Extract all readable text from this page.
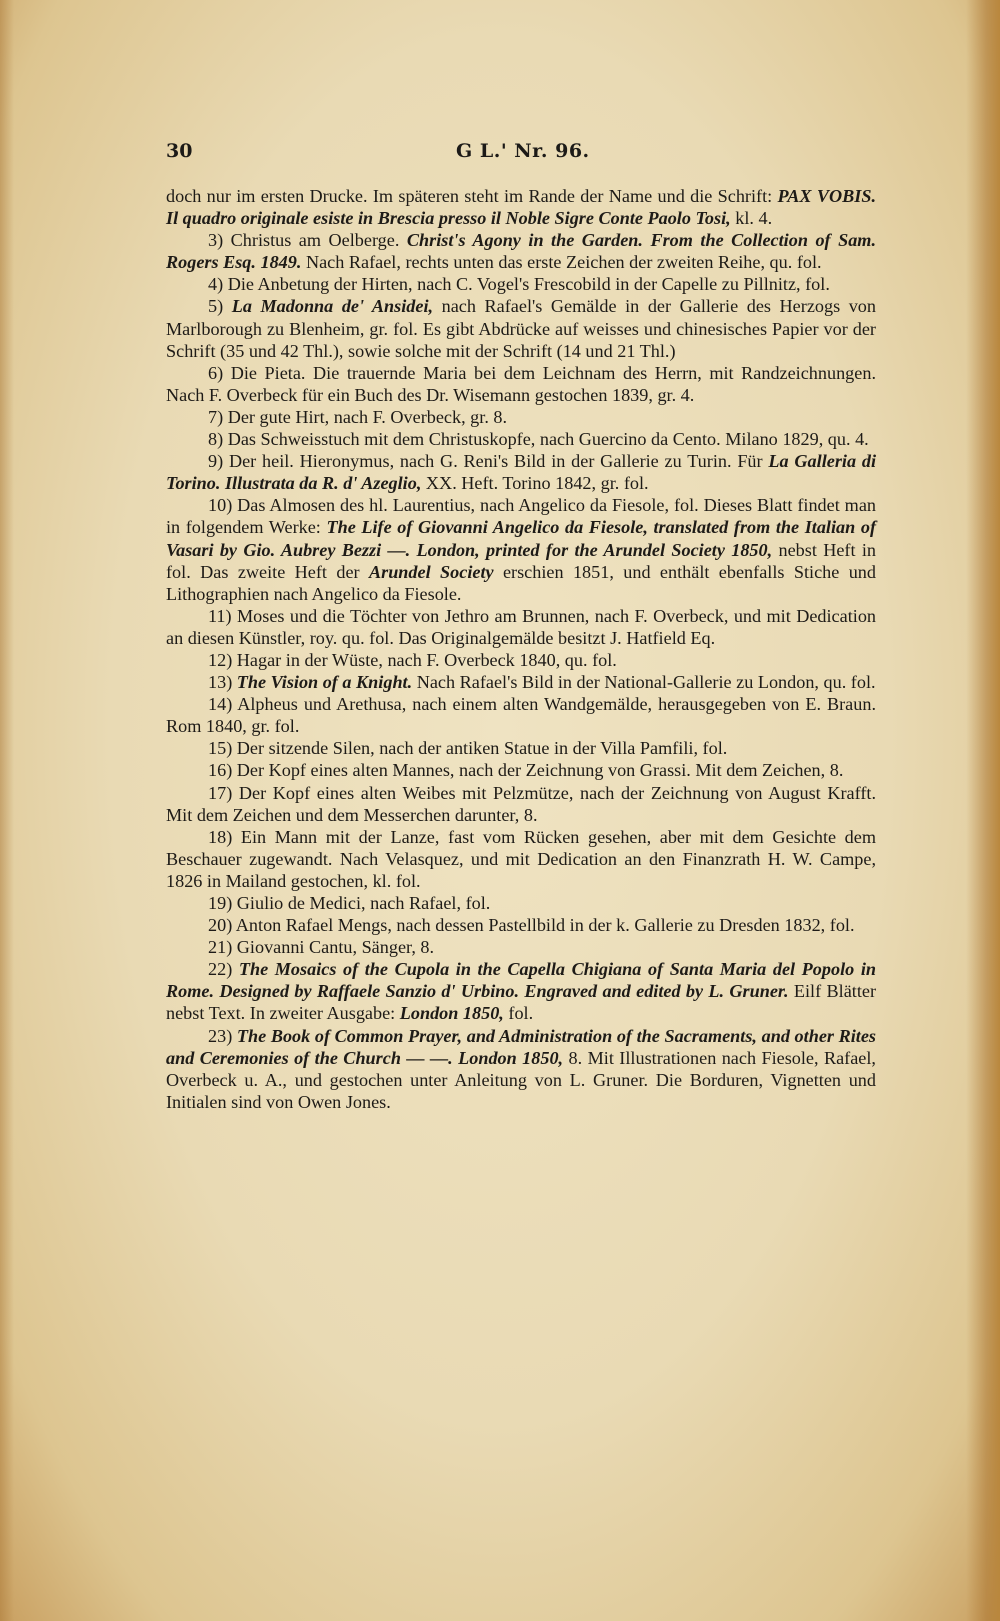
30	G L.' Nr. 96.

doch nur im ersten Drucke. Im späteren steht im Rande der Name und die Schrift: PAX VOBIS. Il quadro originale esiste in Brescia presso il Noble Sigre Conte Paolo Tosi, kl. 4.

3) Christus am Oelberge. Christ's Agony in the Garden. From the Collection of Sam. Rogers Esq. 1849. Nach Rafael, rechts unten das erste Zeichen der zweiten Reihe, qu. fol.

4) Die Anbetung der Hirten, nach C. Vogel's Frescobild in der Capelle zu Pillnitz, fol.

5) La Madonna de' Ansidei, nach Rafael's Gemälde in der Gallerie des Herzogs von Marlborough zu Blenheim, gr. fol. Es gibt Abdrücke auf weisses und chinesisches Papier vor der Schrift (35 und 42 Thl.), sowie solche mit der Schrift (14 und 21 Thl.)

6) Die Pieta. Die trauernde Maria bei dem Leichnam des Herrn, mit Randzeichnungen. Nach F. Overbeck für ein Buch des Dr. Wisemann gestochen 1839, gr. 4.

7) Der gute Hirt, nach F. Overbeck, gr. 8.

8) Das Schweisstuch mit dem Christuskopfe, nach Guercino da Cento. Milano 1829, qu. 4.

9) Der heil. Hieronymus, nach G. Reni's Bild in der Gallerie zu Turin. Für La Galleria di Torino. Illustrata da R. d' Azeglio, XX. Heft. Torino 1842, gr. fol.

10) Das Almosen des hl. Laurentius, nach Angelico da Fiesole, fol. Dieses Blatt findet man in folgendem Werke: The Life of Giovanni Angelico da Fiesole, translated from the Italian of Vasari by Gio. Aubrey Bezzi —. London, printed for the Arundel Society 1850, nebst Heft in fol. Das zweite Heft der Arundel Society erschien 1851, und enthält ebenfalls Stiche und Lithographien nach Angelico da Fiesole.

11) Moses und die Töchter von Jethro am Brunnen, nach F. Overbeck, und mit Dedication an diesen Künstler, roy. qu. fol. Das Originalgemälde besitzt J. Hatfield Eq.

12) Hagar in der Wüste, nach F. Overbeck 1840, qu. fol.

13) The Vision of a Knight. Nach Rafael's Bild in der National-Gallerie zu London, qu. fol.

14) Alpheus und Arethusa, nach einem alten Wandgemälde, herausgegeben von E. Braun. Rom 1840, gr. fol.

15) Der sitzende Silen, nach der antiken Statue in der Villa Pamfili, fol.

16) Der Kopf eines alten Mannes, nach der Zeichnung von Grassi. Mit dem Zeichen, 8.

17) Der Kopf eines alten Weibes mit Pelzmütze, nach der Zeichnung von August Krafft. Mit dem Zeichen und dem Messerchen darunter, 8.

18) Ein Mann mit der Lanze, fast vom Rücken gesehen, aber mit dem Gesichte dem Beschauer zugewandt. Nach Velasquez, und mit Dedication an den Finanzrath H. W. Campe, 1826 in Mailand gestochen, kl. fol.

19) Giulio de Medici, nach Rafael, fol.

20) Anton Rafael Mengs, nach dessen Pastellbild in der k. Gallerie zu Dresden 1832, fol.

21) Giovanni Cantu, Sänger, 8.

22) The Mosaics of the Cupola in the Capella Chigiana of Santa Maria del Popolo in Rome. Designed by Raffaele Sanzio d' Urbino. Engraved and edited by L. Gruner. Eilf Blätter nebst Text. In zweiter Ausgabe: London 1850, fol.

23) The Book of Common Prayer, and Administration of the Sacraments, and other Rites and Ceremonies of the Church — —. London 1850, 8. Mit Illustrationen nach Fiesole, Rafael, Overbeck u. A., und gestochen unter Anleitung von L. Gruner. Die Borduren, Vignetten und Initialen sind von Owen Jones.
